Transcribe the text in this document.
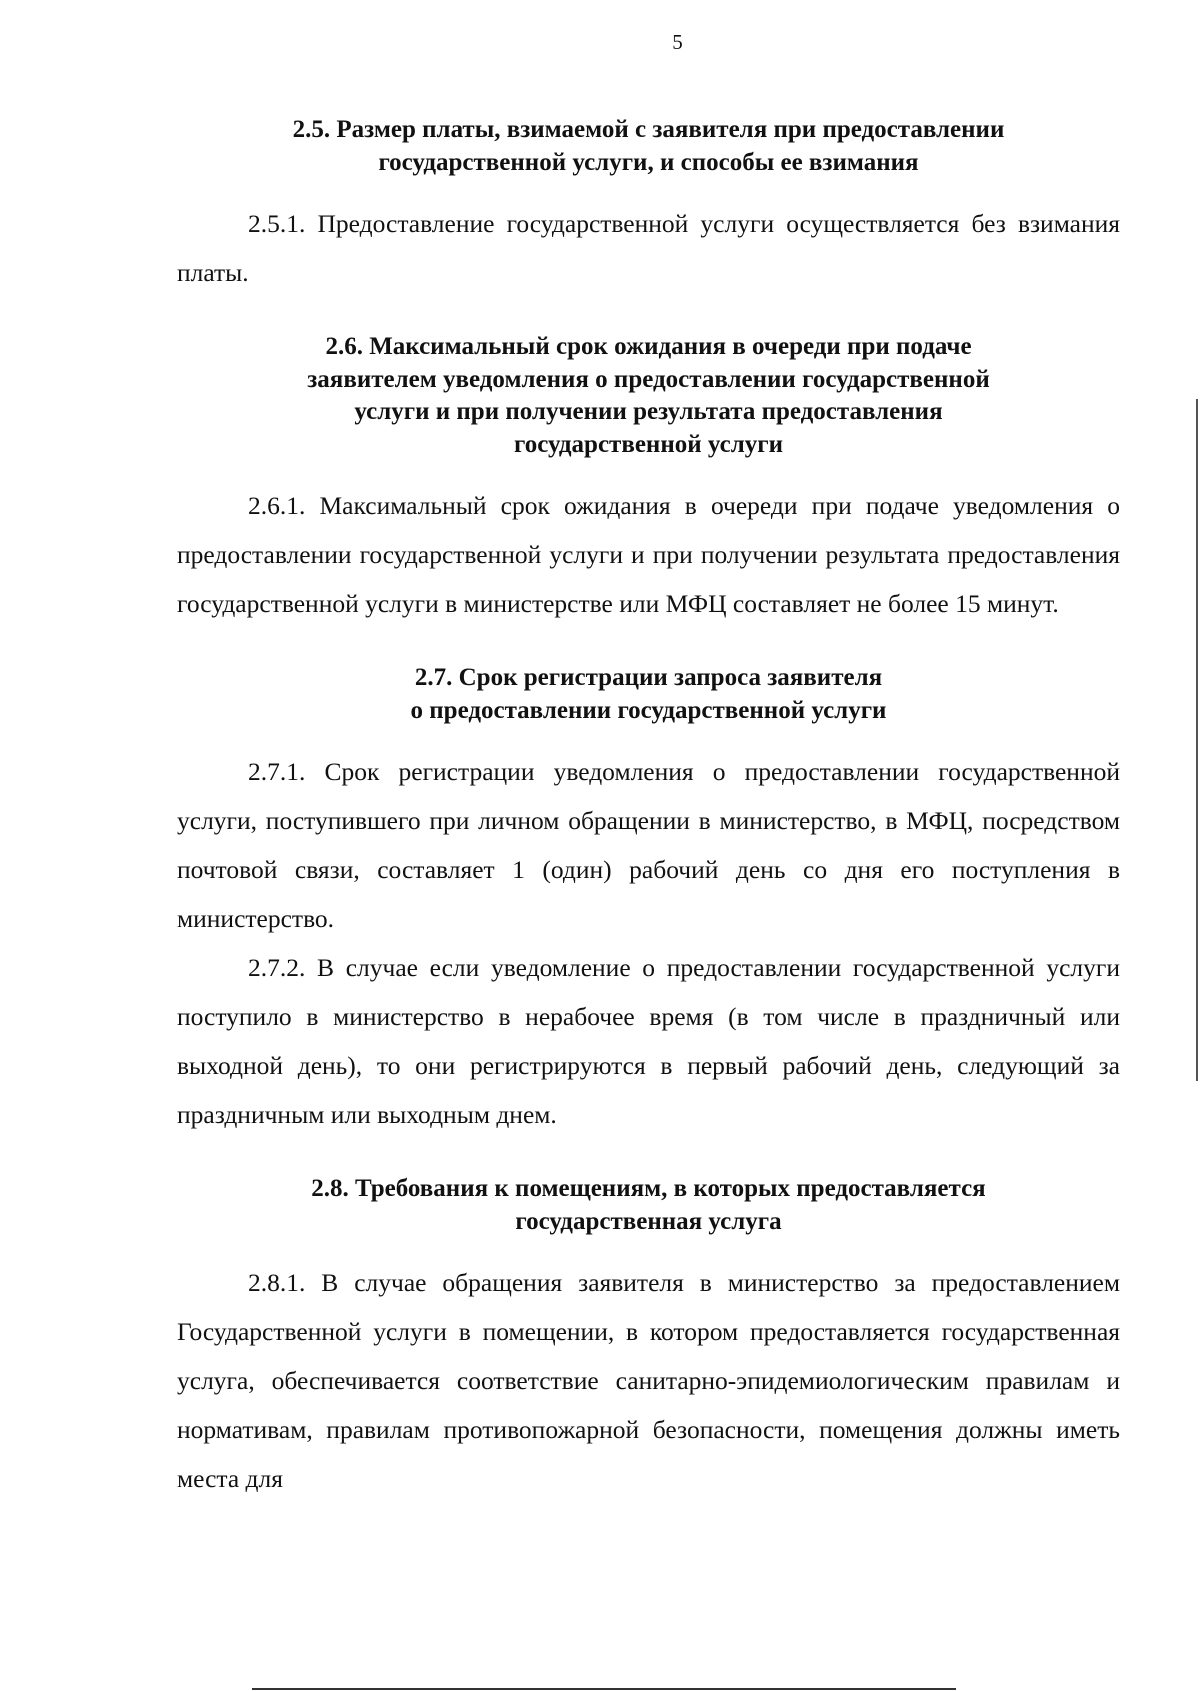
5
2.5. Размер платы, взимаемой с заявителя при предоставлении
государственной услуги, и способы ее взимания

2.5.1. Предоставление государственной услуги осуществляется без взимания платы.

2.6. Максимальный срок ожидания в очереди при подаче
заявителем уведомления о предоставлении государственной
услуги и при получении результата предоставления
государственной услуги

2.6.1. Максимальный срок ожидания в очереди при подаче уведомления о предоставлении государственной услуги и при получении результата предоставления государственной услуги в министерстве или МФЦ составляет не более 15 минут.

2.7. Срок регистрации запроса заявителя
о предоставлении государственной услуги

2.7.1. Срок регистрации уведомления о предоставлении государственной услуги, поступившего при личном обращении в министерство, в МФЦ, посредством почтовой связи, составляет 1 (один) рабочий день со дня его поступления в министерство.

2.7.2. В случае если уведомление о предоставлении государственной услуги поступило в министерство в нерабочее время (в том числе в праздничный или выходной день), то они регистрируются в первый рабочий день, следующий за праздничным или выходным днем.

2.8. Требования к помещениям, в которых предоставляется
государственная услуга

2.8.1. В случае обращения заявителя в министерство за предоставлением Государственной услуги в помещении, в котором предоставляется государственная услуга, обеспечивается соответствие санитарно-эпидемиологическим правилам и нормативам, правилам противопожарной безопасности, помещения должны иметь места для
